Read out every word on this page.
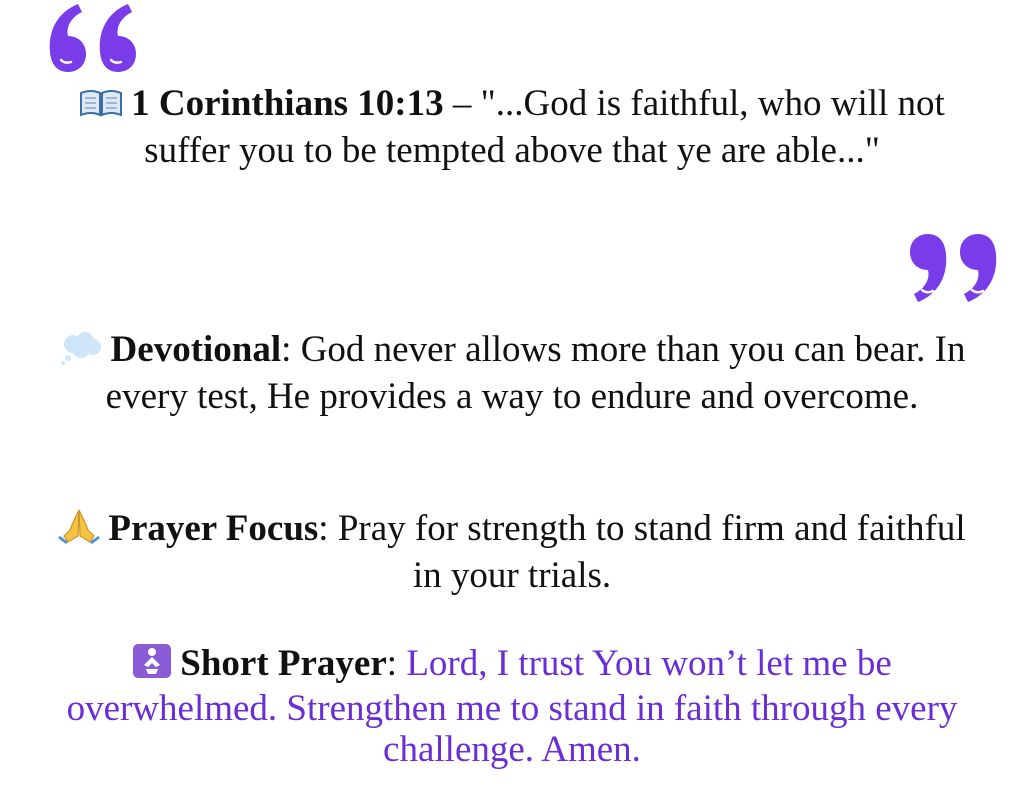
1 Corinthians 10:13 – "...God is faithful, who will not suffer you to be tempted above that ye are able..."
Devotional: God never allows more than you can bear. In every test, He provides a way to endure and overcome.
Prayer Focus: Pray for strength to stand firm and faithful in your trials.
Short Prayer: Lord, I trust You won’t let me be overwhelmed. Strengthen me to stand in faith through every challenge. Amen.
